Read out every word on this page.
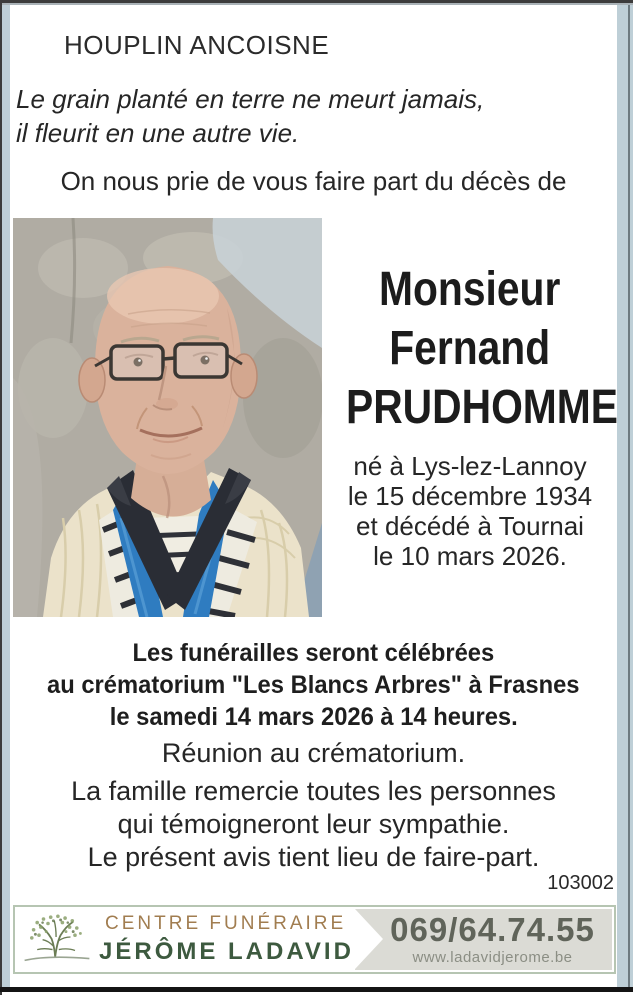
HOUPLIN ANCOISNE
Le grain planté en terre ne meurt jamais,
il fleurit en une autre vie.
On nous prie de vous faire part du décès de
Monsieur
Fernand
PRUDHOMME
né à Lys-lez-Lannoy
le 15 décembre 1934
et décédé à Tournai
le 10 mars 2026.
Les funérailles seront célébrées
au crématorium "Les Blancs Arbres" à Frasnes
le samedi 14 mars 2026 à 14 heures.
Réunion au crématorium.
La famille remercie toutes les personnes
qui témoigneront leur sympathie.
Le présent avis tient lieu de faire-part.
103002
CENTRE FUNÉRAIRE
JÉRÔME LADAVID
069/64.74.55
www.ladavidjerome.be
